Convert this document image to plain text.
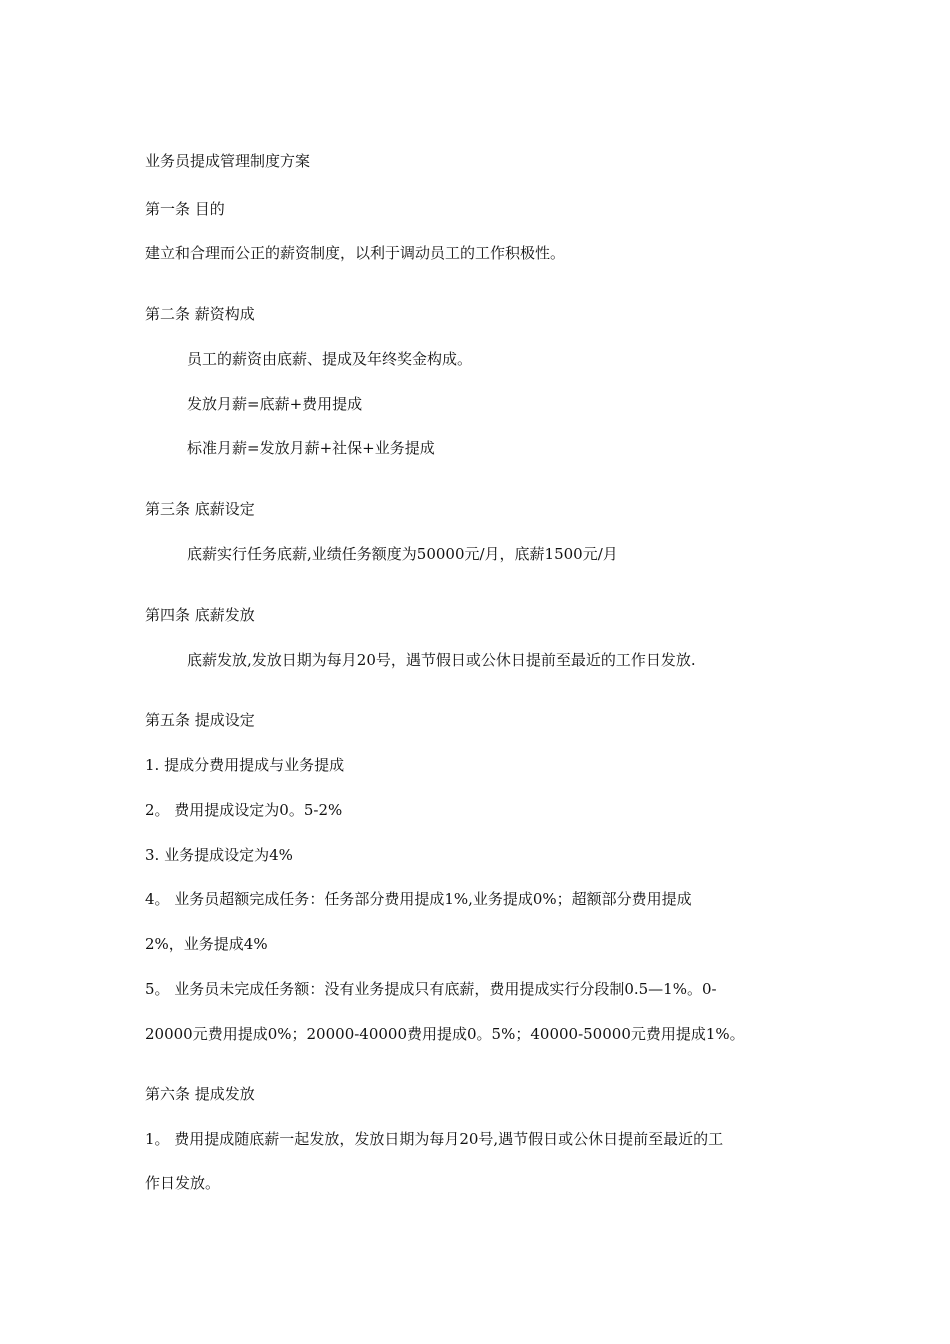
业务员提成管理制度方案
第一条 目的
建立和合理而公正的薪资制度，以利于调动员工的工作积极性。
第二条 薪资构成
员工的薪资由底薪、提成及年终奖金构成。
发放月薪=底薪+费用提成
标准月薪=发放月薪+社保+业务提成
第三条 底薪设定
底薪实行任务底薪,业绩任务额度为50000元/月，底薪1500元/月
第四条 底薪发放
底薪发放,发放日期为每月20号，遇节假日或公休日提前至最近的工作日发放.
第五条 提成设定
1. 提成分费用提成与业务提成
2。 费用提成设定为0。5-2%
3. 业务提成设定为4%
4。 业务员超额完成任务：任务部分费用提成1%,业务提成0%；超额部分费用提成
2%，业务提成4%
5。 业务员未完成任务额：没有业务提成只有底薪，费用提成实行分段制0.5—1%。0-
20000元费用提成0%；20000-40000费用提成0。5%；40000-50000元费用提成1%。
第六条 提成发放
1。 费用提成随底薪一起发放，发放日期为每月20号,遇节假日或公休日提前至最近的工
作日发放。
